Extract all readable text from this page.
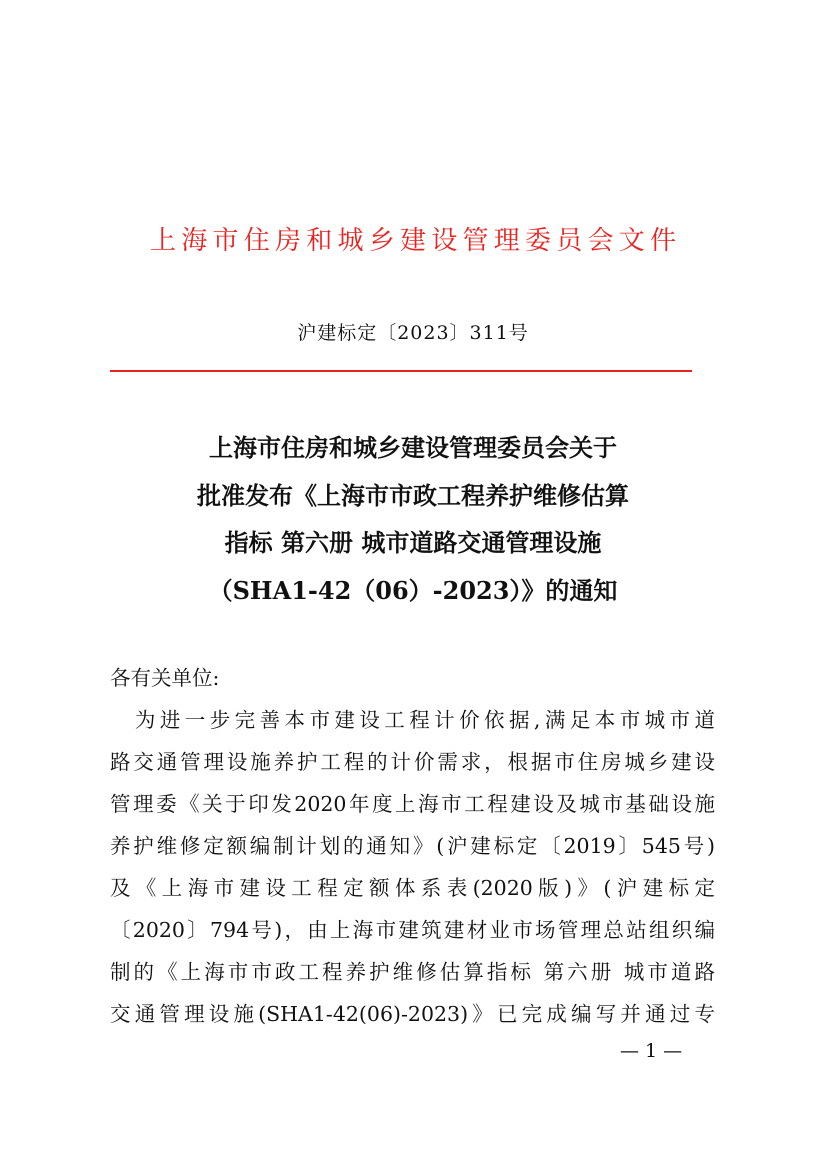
上海市住房和城乡建设管理委员会文件
沪建标定〔2023〕311号
上海市住房和城乡建设管理委员会关于
批准发布《上海市市政工程养护维修估算
指标 第六册 城市道路交通管理设施
（SHA1-42（06）-2023）》的通知
各有关单位:
　为进一步完善本市建设工程计价依据,满足本市城市道
路交通管理设施养护工程的计价需求，根据市住房城乡建设
管理委《关于印发2020年度上海市工程建设及城市基础设施
养护维修定额编制计划的通知》(沪建标定〔2019〕545号)
及《上海市建设工程定额体系表(2020版)》(沪建标定
〔2020〕794号)，由上海市建筑建材业市场管理总站组织编
制的《上海市市政工程养护维修估算指标 第六册 城市道路
交通管理设施(SHA1-42(06)-2023)》已完成编写并通过专
— 1 —
